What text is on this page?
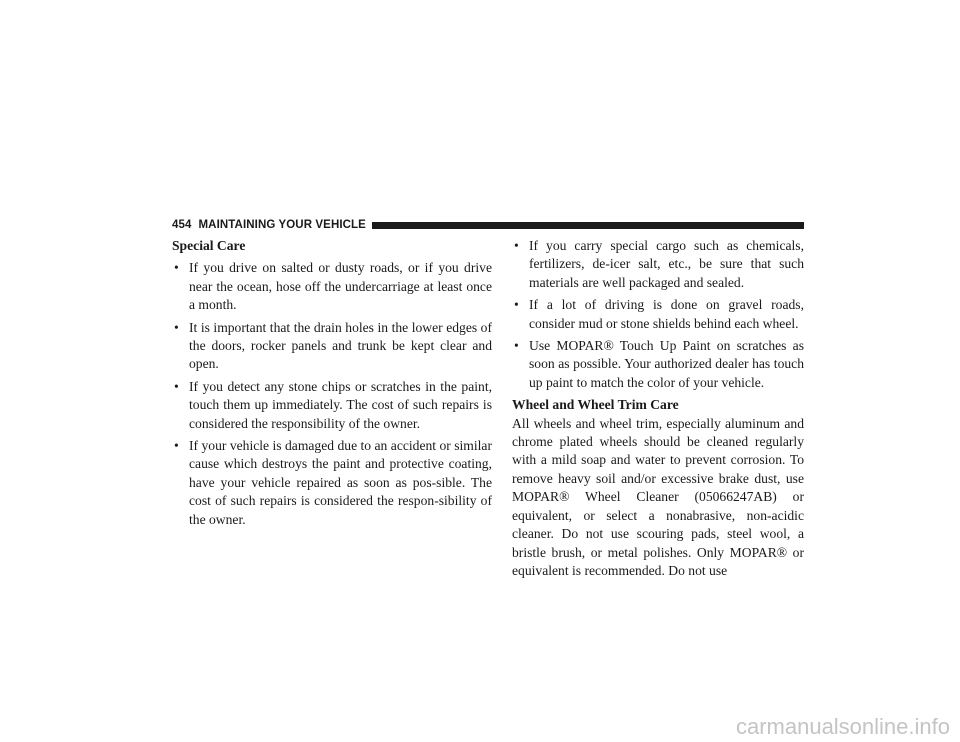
454 MAINTAINING YOUR VEHICLE

Special Care

• If you drive on salted or dusty roads, or if you drive near the ocean, hose off the undercarriage at least once a month.
• It is important that the drain holes in the lower edges of the doors, rocker panels and trunk be kept clear and open.
• If you detect any stone chips or scratches in the paint, touch them up immediately. The cost of such repairs is considered the responsibility of the owner.
• If your vehicle is damaged due to an accident or similar cause which destroys the paint and protective coating, have your vehicle repaired as soon as pos-sible. The cost of such repairs is considered the respon-sibility of the owner.
• If you carry special cargo such as chemicals, fertilizers, de-icer salt, etc., be sure that such materials are well packaged and sealed.
• If a lot of driving is done on gravel roads, consider mud or stone shields behind each wheel.
• Use MOPAR® Touch Up Paint on scratches as soon as possible. Your authorized dealer has touch up paint to match the color of your vehicle.

Wheel and Wheel Trim Care

All wheels and wheel trim, especially aluminum and chrome plated wheels should be cleaned regularly with a mild soap and water to prevent corrosion. To remove heavy soil and/or excessive brake dust, use MOPAR® Wheel Cleaner (05066247AB) or equivalent, or select a nonabrasive, non-acidic cleaner. Do not use scouring pads, steel wool, a bristle brush, or metal polishes. Only MOPAR® or equivalent is recommended. Do not use

carmanualsonline.info
